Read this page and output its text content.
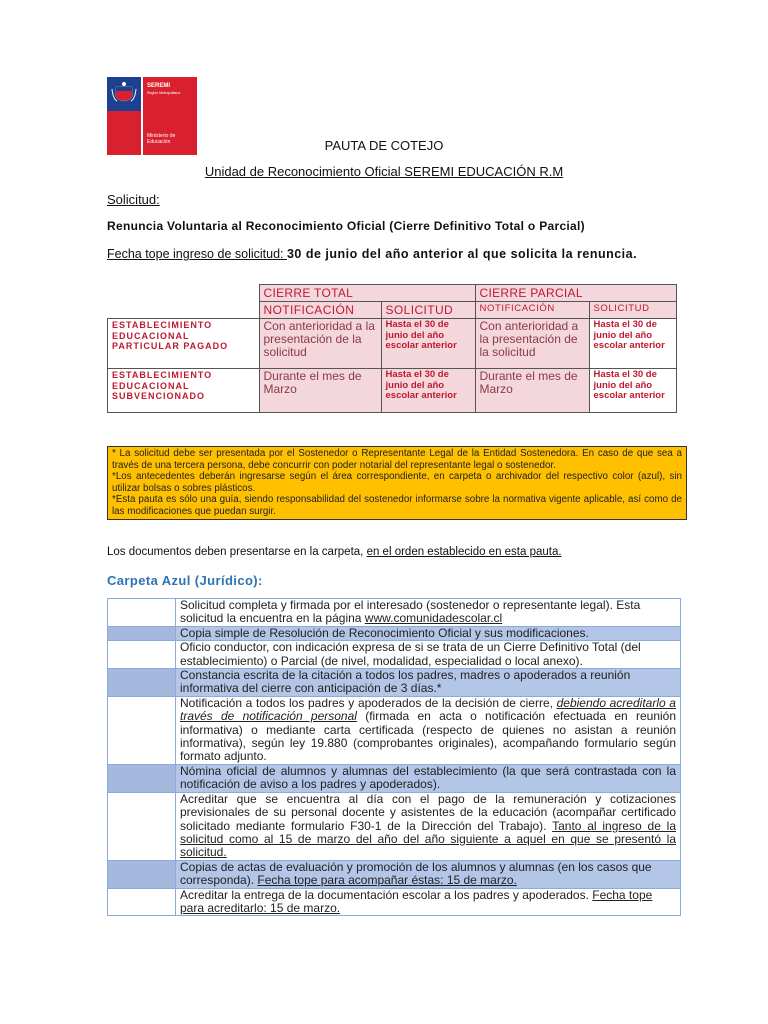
SEREMI
Región Metropolitana
Ministerio de Educación	PAUTA DE COTEJO
Unidad de Reconocimiento Oficial SEREMI EDUCACIÓN R.M
Solicitud:
Renuncia Voluntaria al Reconocimiento Oficial (Cierre Definitivo Total o Parcial)
Fecha tope ingreso de solicitud: 30 de junio del año anterior al que solicita la renuncia.
	CIERRE TOTAL		CIERRE PARCIAL	
	NOTIFICACIÓN	SOLICITUD	NOTIFICACIÓN	SOLICITUD
ESTABLECIMIENTO EDUCACIONAL PARTICULAR PAGADO	Con anterioridad a la presentación de la solicitud	Hasta el 30 de junio del año escolar anterior	Con anterioridad a la presentación de la solicitud	Hasta el 30 de junio del año escolar anterior
ESTABLECIMIENTO EDUCACIONAL SUBVENCIONADO	Durante el mes de Marzo	Hasta el 30 de junio del año escolar anterior	Durante el mes de Marzo	Hasta el 30 de junio del año escolar anterior
* La solicitud debe ser presentada por el Sostenedor o Representante Legal de la Entidad Sostenedora. En caso de que sea a través de una tercera persona, debe concurrir con poder notarial del representante legal o sostenedor.
*Los antecedentes deberán ingresarse según el área correspondiente, en carpeta o archivador del respectivo color (azul), sin utilizar bolsas o sobres plásticos.
*Esta pauta es sólo una guía, siendo responsabilidad del sostenedor informarse sobre la normativa vigente aplicable, así como de las modificaciones que puedan surgir.
Los documentos deben presentarse en la carpeta, en el orden establecido en esta pauta.
Carpeta Azul (Jurídico):
	Solicitud completa y firmada por el interesado (sostenedor o representante legal). Esta solicitud la encuentra en la página www.comunidadescolar.cl
	Copia simple de Resolución de Reconocimiento Oficial y sus modificaciones.
	Oficio conductor, con indicación expresa de si se trata de un Cierre Definitivo Total (del establecimiento) o Parcial (de nivel, modalidad, especialidad o local anexo).
	Constancia escrita de la citación a todos los padres, madres o apoderados a reunión informativa del cierre con anticipación de 3 días.*
	Notificación a todos los padres y apoderados de la decisión de cierre, debiendo acreditarlo a través de notificación personal (firmada en acta o notificación efectuada en reunión informativa) o mediante carta certificada (respecto de quienes no asistan a reunión informativa), según ley 19.880 (comprobantes originales), acompañando formulario según formato adjunto.
	Nómina oficial de alumnos y alumnas del establecimiento (la que será contrastada con la notificación de aviso a los padres y apoderados).
	Acreditar que se encuentra al día con el pago de la remuneración y cotizaciones previsionales de su personal docente y asistentes de la educación (acompañar certificado solicitado mediante formulario F30-1 de la Dirección del Trabajo). Tanto al ingreso de la solicitud como al 15 de marzo del año del año siguiente a aquel en que se presentó la solicitud.
	Copias de actas de evaluación y promoción de los alumnos y alumnas (en los casos que corresponda). Fecha tope para acompañar éstas: 15 de marzo.
	Acreditar la entrega de la documentación escolar a los padres y apoderados. Fecha tope para acreditarlo: 15 de marzo.
